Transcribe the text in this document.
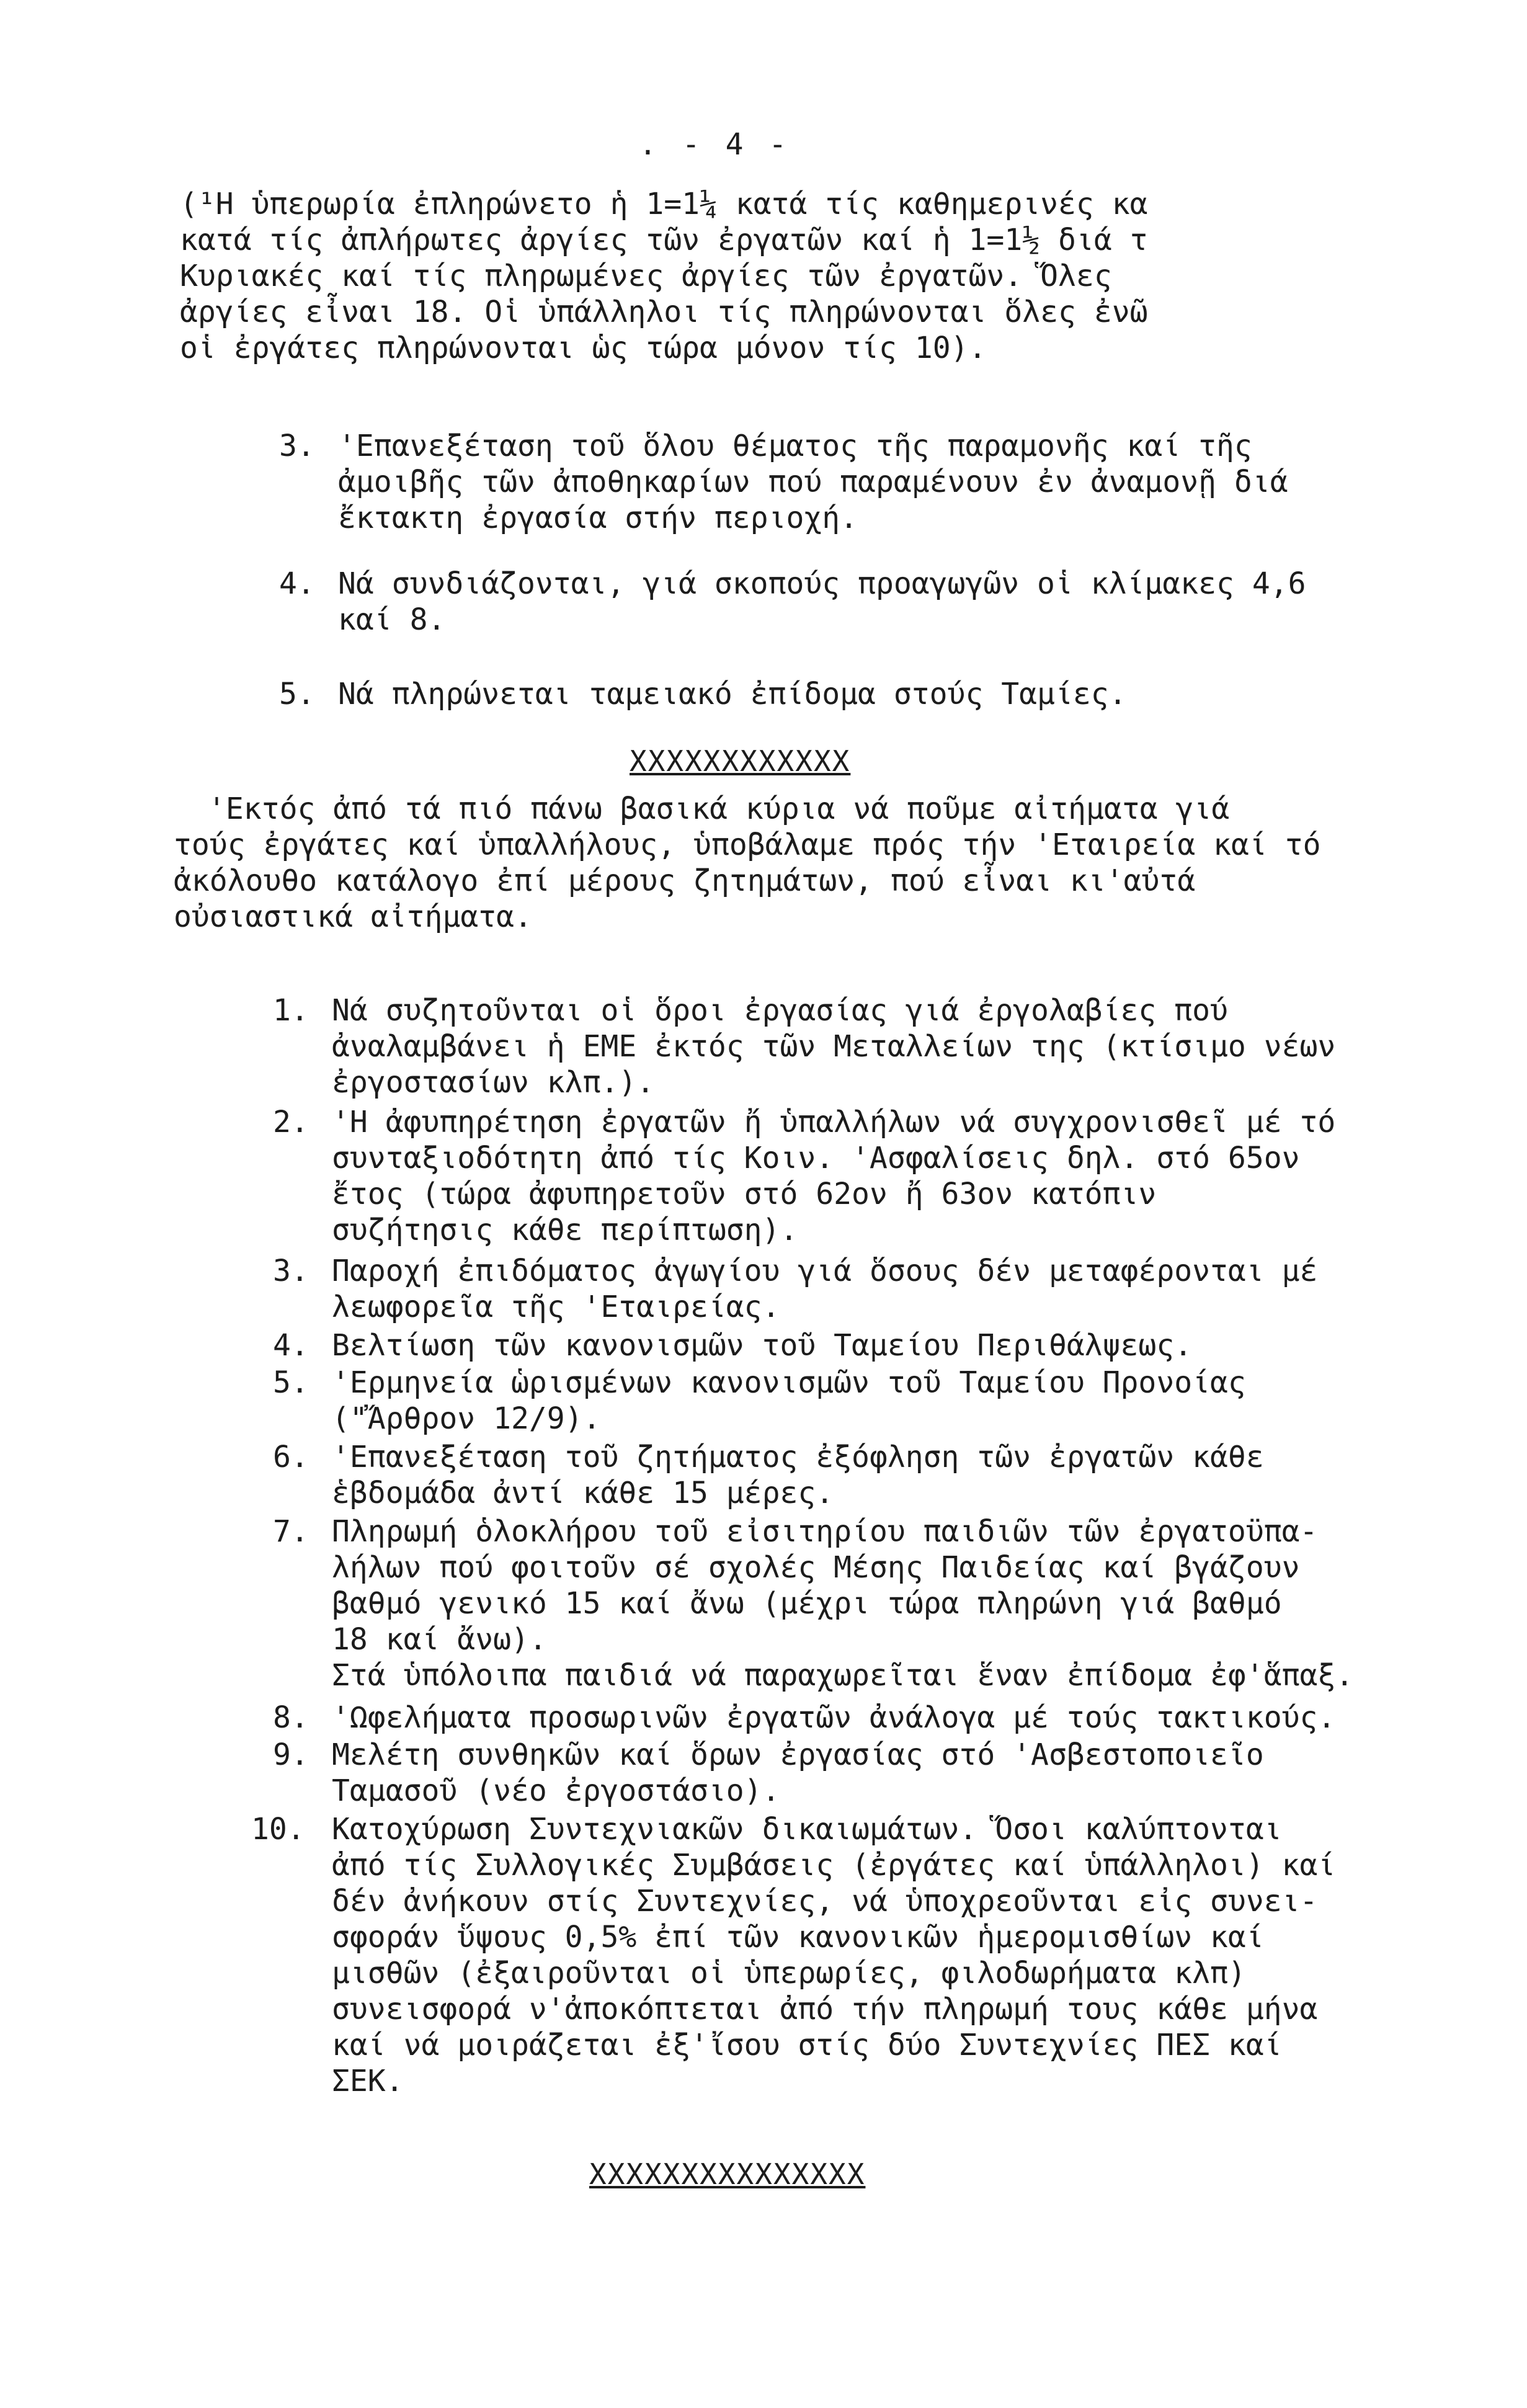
. - 4 -
(¹Η ὑπερωρία ἐπληρώνετο ἡ 1=1¼ κατά τίς καθημερινές κα
κατά τίς ἀπλήρωτες ἀργίες τῶν ἐργατῶν καί ἡ 1=1½ διά τ
Κυριακές καί τίς πληρωμένες ἀργίες τῶν ἐργατῶν. Ὅλες
ἀργίες εἶναι 18. Οἱ ὑπάλληλοι τίς πληρώνονται ὅλες ἐνῶ
οἱ ἐργάτες πληρώνονται ὡς τώρα μόνον τίς 10).
3. 'Επανεξέταση τοῦ ὅλου θέματος τῆς παραμονῆς καί τῆς
ἀμοιβῆς τῶν ἀποθηκαρίων πού παραμένουν ἐν ἀναμονῇ διά
ἔκτακτη ἐργασία στήν περιοχή.
4. Νά συνδιάζονται, γιά σκοπούς προαγωγῶν οἱ κλίμακες 4,6
καί 8.
5. Νά πληρώνεται ταμειακό ἐπίδομα στούς Ταμίες.
XXXXXXXXXXXX
'Εκτός ἀπό τά πιό πάνω βασικά κύρια νά ποῦμε αἰτήματα γιά
τούς ἐργάτες καί ὑπαλλήλους, ὑποβάλαμε πρός τήν 'Εταιρεία καί τό
ἀκόλουθο κατάλογο ἐπί μέρους ζητημάτων, πού εἶναι κι'αὐτά
οὐσιαστικά αἰτήματα.
1. Νά συζητοῦνται οἱ ὅροι ἐργασίας γιά ἐργολαβίες πού
ἀναλαμβάνει ἡ ΕΜΕ ἐκτός τῶν Μεταλλείων της (κτίσιμο νέων
ἐργοστασίων κλπ.).
2. 'Η ἀφυπηρέτηση ἐργατῶν ἤ ὑπαλλήλων νά συγχρονισθεῖ μέ τό
συνταξιοδότητη ἀπό τίς Κοιν. 'Ασφαλίσεις δηλ. στό 65ον
ἔτος (τώρα ἀφυπηρετοῦν στό 62ον ἤ 63ον κατόπιν
συζήτησις κάθε περίπτωση).
3. Παροχή ἐπιδόματος ἀγωγίου γιά ὅσους δέν μεταφέρονται μέ
λεωφορεῖα τῆς 'Εταιρείας.
4. Βελτίωση τῶν κανονισμῶν τοῦ Ταμείου Περιθάλψεως.
5. 'Ερμηνεία ὡρισμένων κανονισμῶν τοῦ Ταμείου Προνοίας
("Ἄρθρον 12/9).
6. 'Επανεξέταση τοῦ ζητήματος ἐξόφληση τῶν ἐργατῶν κάθε
ἑβδομάδα ἀντί κάθε 15 μέρες.
7. Πληρωμή ὁλοκλήρου τοῦ εἰσιτηρίου παιδιῶν τῶν ἐργατοϋπα-
λήλων πού φοιτοῦν σέ σχολές Μέσης Παιδείας καί βγάζουν
βαθμό γενικό 15 καί ἄνω (μέχρι τώρα πληρώνη γιά βαθμό
18 καί ἄνω).
Στά ὑπόλοιπα παιδιά νά παραχωρεῖται ἕναν ἐπίδομα ἐφ'ἅπαξ.
8. 'Ωφελήματα προσωρινῶν ἐργατῶν ἀνάλογα μέ τούς τακτικούς.
9. Μελέτη συνθηκῶν καί ὅρων ἐργασίας στό 'Ασβεστοποιεῖο
Ταμασοῦ (νέο ἐργοστάσιο).
10. Κατοχύρωση Συντεχνιακῶν δικαιωμάτων. Ὅσοι καλύπτονται
ἀπό τίς Συλλογικές Συμβάσεις (ἐργάτες καί ὑπάλληλοι) καί
δέν ἀνήκουν στίς Συντεχνίες, νά ὑποχρεοῦνται εἰς συνει-
σφοράν ὕψους 0,5% ἐπί τῶν κανονικῶν ἡμερομισθίων καί
μισθῶν (ἐξαιροῦνται οἱ ὑπερωρίες, φιλοδωρήματα κλπ)
συνεισφορά ν'ἀποκόπτεται ἀπό τήν πληρωμή τους κάθε μήνα
καί νά μοιράζεται ἐξ'ἴσου στίς δύο Συντεχνίες ΠΕΣ καί
ΣΕΚ.
XXXXXXXXXXXXXXX
